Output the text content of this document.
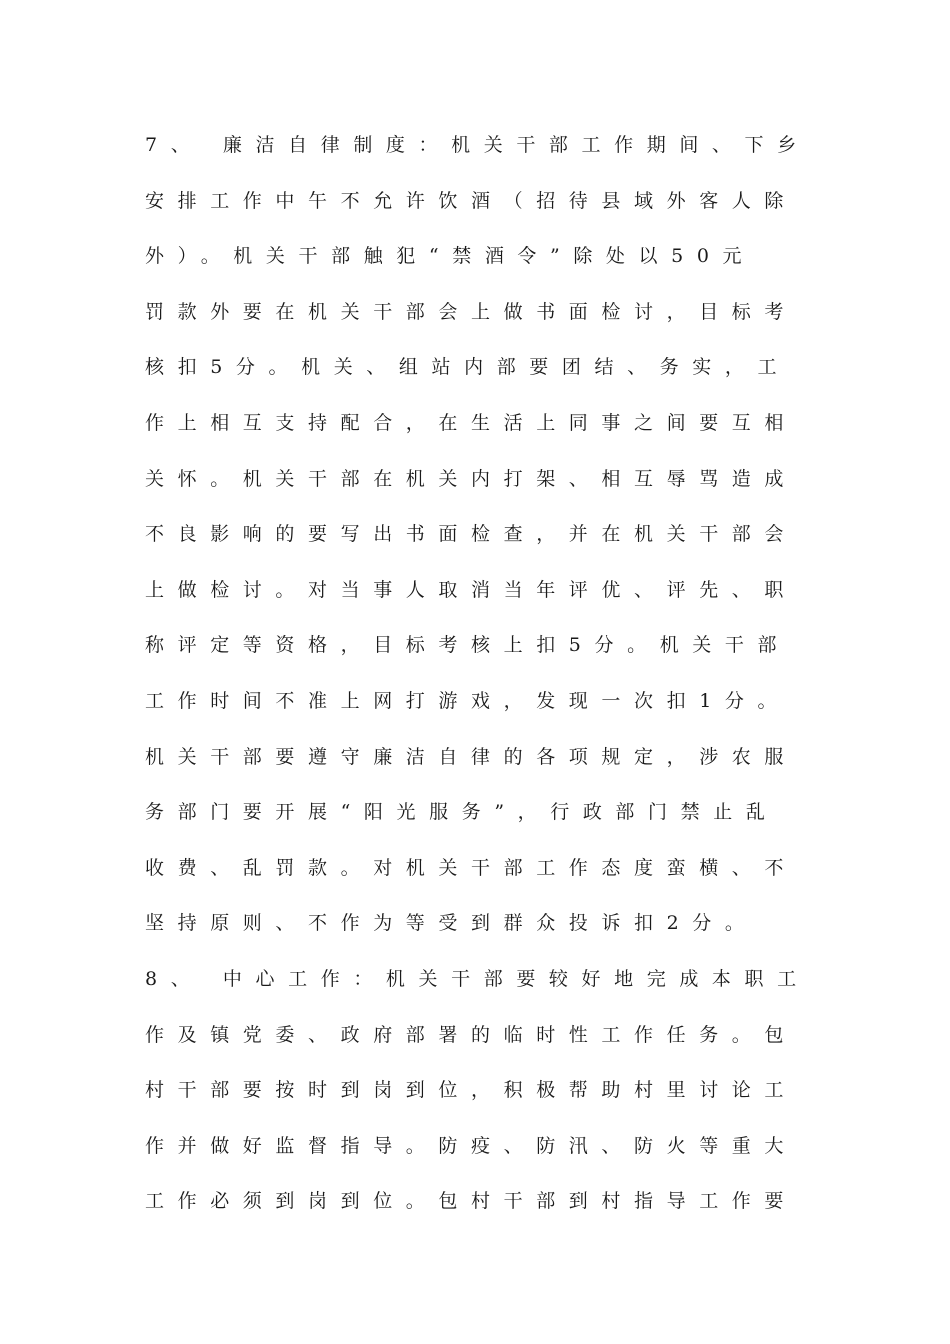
7、 廉洁自律制度：机关干部工作期间、下乡
安排工作中午不允许饮酒（招待县域外客人除
外）。机关干部触犯“禁酒令”除处以50元
罚款外要在机关干部会上做书面检讨，目标考
核扣5分。机关、组站内部要团结、务实，工
作上相互支持配合，在生活上同事之间要互相
关怀。机关干部在机关内打架、相互辱骂造成
不良影响的要写出书面检查，并在机关干部会
上做检讨。对当事人取消当年评优、评先、职
称评定等资格，目标考核上扣5分。机关干部
工作时间不准上网打游戏，发现一次扣1分。
机关干部要遵守廉洁自律的各项规定，涉农服
务部门要开展“阳光服务”，行政部门禁止乱
收费、乱罚款。对机关干部工作态度蛮横、不
坚持原则、不作为等受到群众投诉扣2分。
8、 中心工作：机关干部要较好地完成本职工
作及镇党委、政府部署的临时性工作任务。包
村干部要按时到岗到位，积极帮助村里讨论工
作并做好监督指导。防疫、防汛、防火等重大
工作必须到岗到位。包村干部到村指导工作要
